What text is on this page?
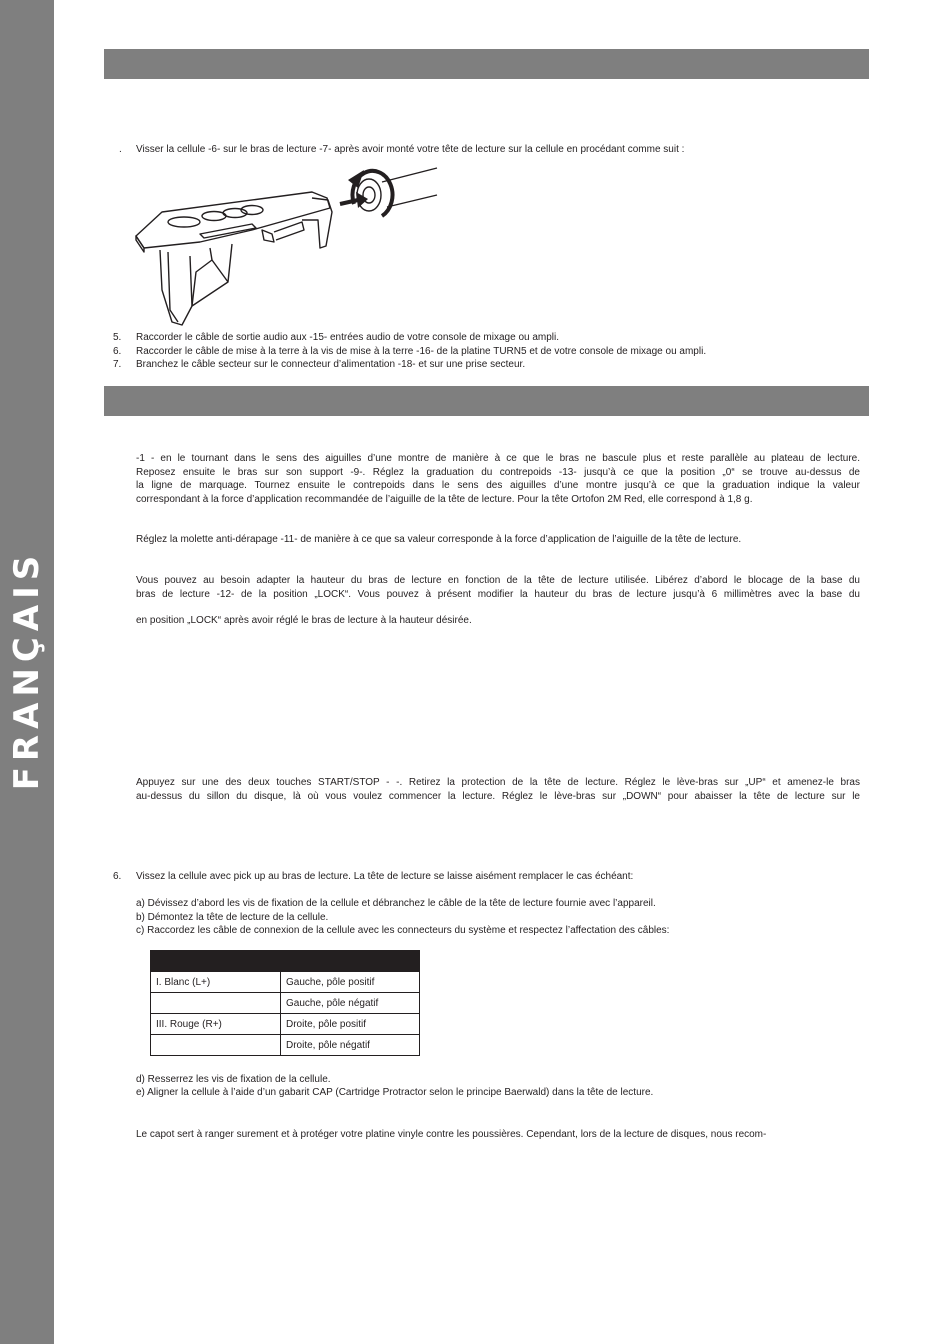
FRANÇAIS
. Visser la cellule -6- sur le bras de lecture -7- après avoir monté votre tête de lecture sur la cellule en procédant comme suit :
5. Raccorder le câble de sortie audio aux -15- entrées audio de votre console de mixage ou ampli.
6. Raccorder le câble de mise à la terre à la vis de mise à la terre -16- de la platine TURN5 et de votre console de mixage ou ampli.
7. Branchez le câble secteur sur le connecteur d’alimentation -18- et sur une prise secteur.
-1 - en le tournant dans le sens des aiguilles d’une montre de manière à ce que le bras ne bascule plus et reste parallèle au plateau de lecture.
Reposez ensuite le bras sur son support -9-. Réglez la graduation du contrepoids -13- jusqu’à ce que la position „0“ se trouve au-dessus de
la ligne de marquage. Tournez ensuite le contrepoids dans le sens des aiguilles d’une montre jusqu’à ce que la graduation indique la valeur
correspondant à la force d’application recommandée de l’aiguille de la tête de lecture. Pour la tête Ortofon 2M Red, elle correspond à 1,8 g.
Réglez la molette anti-dérapage -11- de manière à ce que sa valeur corresponde à la force d’application de l’aiguille de la tête de lecture.
Vous pouvez au besoin adapter la hauteur du bras de lecture en fonction de la tête de lecture utilisée. Libérez d’abord le blocage de la base du
bras de lecture -12- de la position „LOCK“. Vous pouvez à présent modifier la hauteur du bras de lecture jusqu’à 6 millimètres avec la base du
en position „LOCK“ après avoir réglé le bras de lecture à la hauteur désirée.
Appuyez sur une des deux touches START/STOP - -. Retirez la protection de la tête de lecture. Réglez le lève-bras sur „UP“ et amenez-le bras
au-dessus du sillon du disque, là où vous voulez commencer la lecture. Réglez le lève-bras sur „DOWN“ pour abaisser la tête de lecture sur le
6. Vissez la cellule avec pick up au bras de lecture. La tête de lecture se laisse aisément remplacer le cas échéant:
a) Dévissez d’abord les vis de fixation de la cellule et débranchez le câble de la tête de lecture fournie avec l’appareil.
b) Démontez la tête de lecture de la cellule.
c) Raccordez les câble de connexion de la cellule avec les connecteurs du système et respectez l’affectation des câbles:

I. Blanc (L+)	Gauche, pôle positif
	Gauche, pôle négatif
III. Rouge (R+)	Droite, pôle positif
	Droite, pôle négatif
d) Resserrez les vis de fixation de la cellule.
e) Aligner la cellule à l’aide d’un gabarit CAP (Cartridge Protractor selon le principe Baerwald) dans la tête de lecture.
Le capot sert à ranger surement et à protéger votre platine vinyle contre les poussières. Cependant, lors de la lecture de disques, nous recom-
